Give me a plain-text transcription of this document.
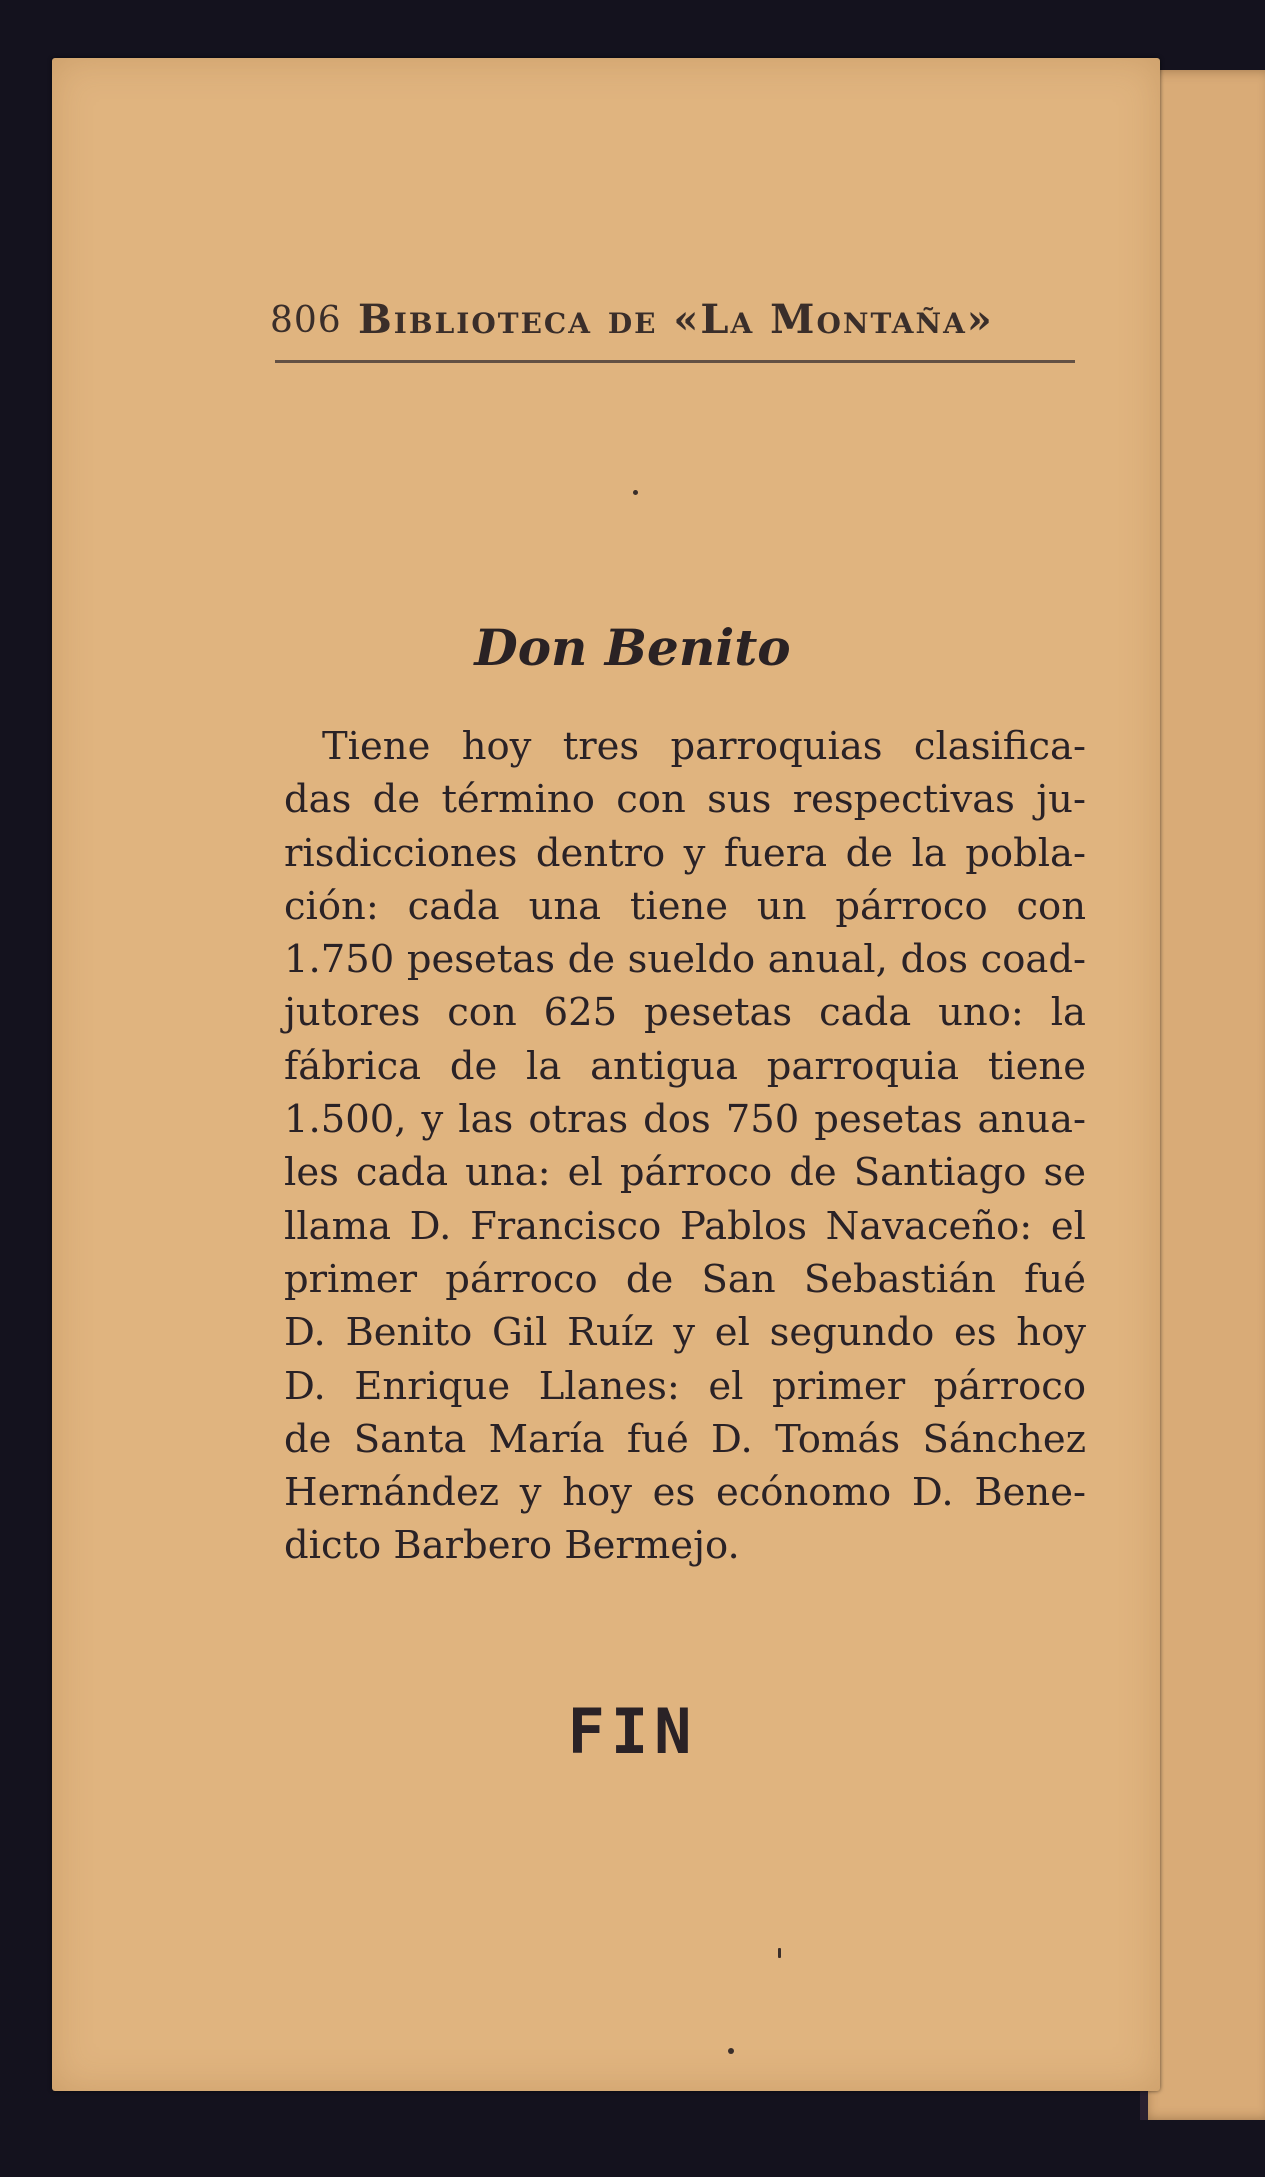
806 Biblioteca de «La Montaña»
Don Benito
Tiene hoy tres parroquias clasifica-
das de término con sus respectivas ju-
risdicciones dentro y fuera de la pobla-
ción: cada una tiene un párroco con
1.750 pesetas de sueldo anual, dos coad-
jutores con 625 pesetas cada uno: la
fábrica de la antigua parroquia tiene
1.500, y las otras dos 750 pesetas anua-
les cada una: el párroco de Santiago se
llama D. Francisco Pablos Navaceño: el
primer párroco de San Sebastián fué
D. Benito Gil Ruíz y el segundo es hoy
D. Enrique Llanes: el primer párroco
de Santa María fué D. Tomás Sánchez
Hernández y hoy es ecónomo D. Bene-
dicto Barbero Bermejo.
FIN
